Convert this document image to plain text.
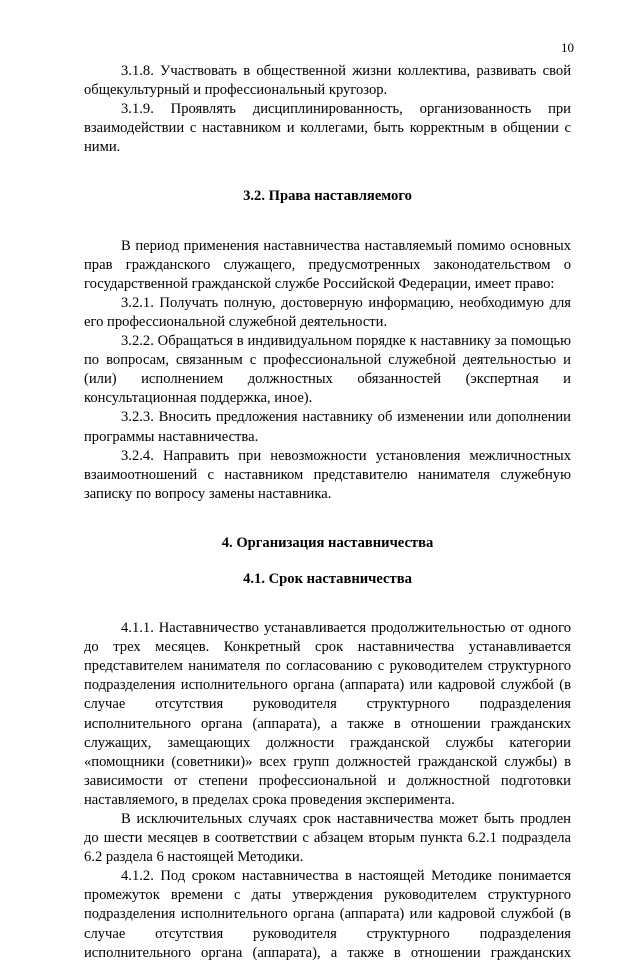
10

3.1.8. Участвовать в общественной жизни коллектива, развивать свой общекультурный и профессиональный кругозор.

3.1.9. Проявлять дисциплинированность, организованность при взаимодействии с наставником и коллегами, быть корректным в общении с ними.

3.2. Права наставляемого

В период применения наставничества наставляемый помимо основных прав гражданского служащего, предусмотренных законодательством о государственной гражданской службе Российской Федерации, имеет право:

3.2.1. Получать полную, достоверную информацию, необходимую для его профессиональной служебной деятельности.

3.2.2. Обращаться в индивидуальном порядке к наставнику за помощью по вопросам, связанным с профессиональной служебной деятельностью и (или) исполнением должностных обязанностей (экспертная и консультационная поддержка, иное).

3.2.3. Вносить предложения наставнику об изменении или дополнении программы наставничества.

3.2.4. Направить при невозможности установления межличностных взаимоотношений с наставником представителю нанимателя служебную записку по вопросу замены наставника.

4. Организация наставничества
4.1. Срок наставничества

4.1.1. Наставничество устанавливается продолжительностью от одного до трех месяцев. Конкретный срок наставничества устанавливается представителем нанимателя по согласованию с руководителем структурного подразделения исполнительного органа (аппарата) или кадровой службой (в случае отсутствия руководителя структурного подразделения исполнительного органа (аппарата), а также в отношении гражданских служащих, замещающих должности гражданской службы категории «помощники (советники)» всех групп должностей гражданской службы) в зависимости от степени профессиональной и должностной подготовки наставляемого, в пределах срока проведения эксперимента.

В исключительных случаях срок наставничества может быть продлен до шести месяцев в соответствии с абзацем вторым пункта 6.2.1 подраздела 6.2 раздела 6 настоящей Методики.

4.1.2. Под сроком наставничества в настоящей Методике понимается промежуток времени с даты утверждения руководителем структурного подразделения исполнительного органа (аппарата) или кадровой службой (в случае отсутствия руководителя структурного подразделения исполнительного органа (аппарата), а также в отношении гражданских
